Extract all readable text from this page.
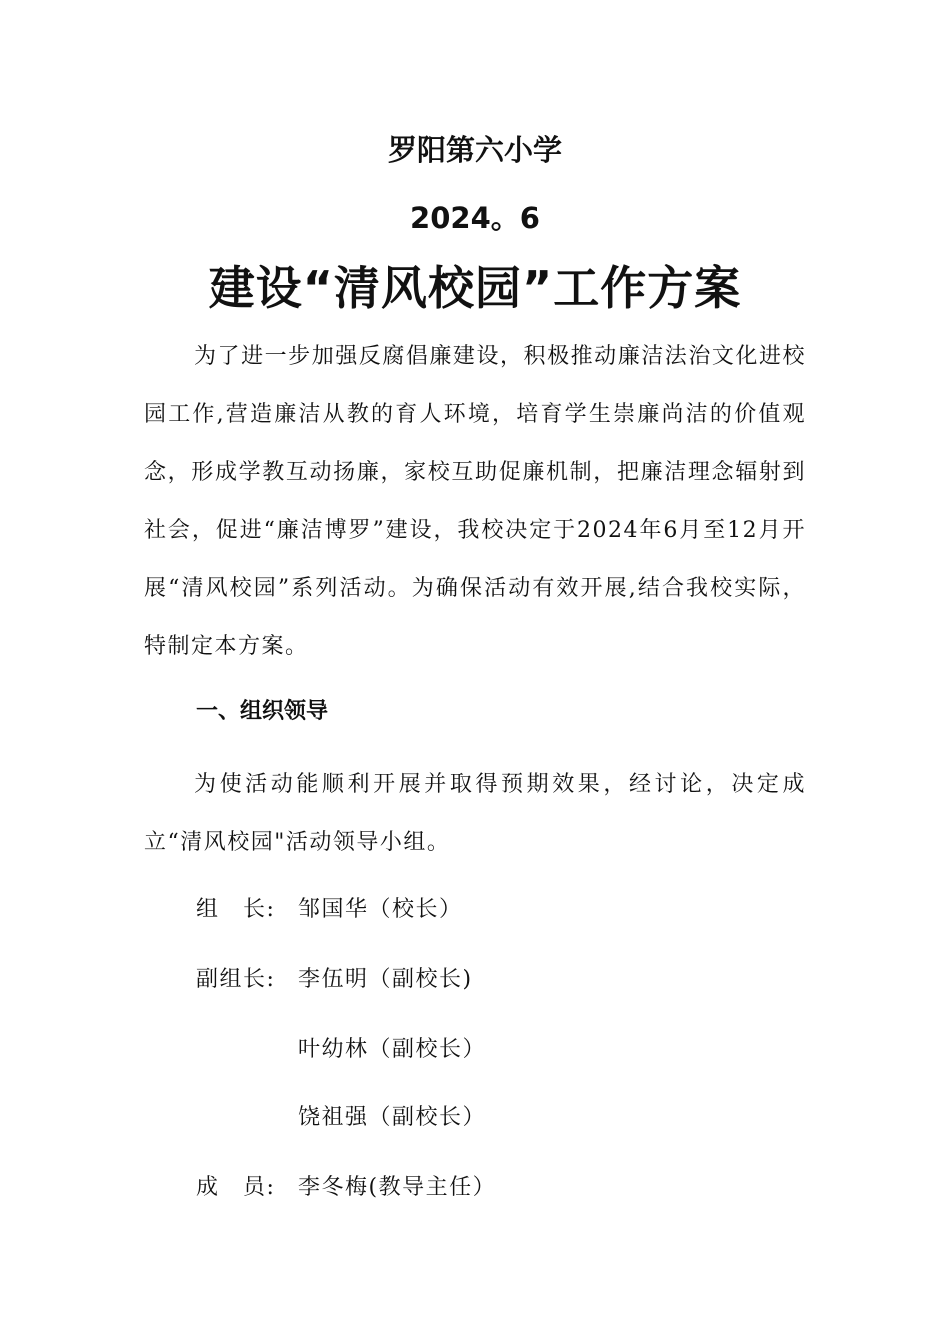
罗阳第六小学
2024。6
建设“清风校园”工作方案
为了进一步加强反腐倡廉建设，积极推动廉洁法治文化进校园工作,营造廉洁从教的育人环境，培育学生崇廉尚洁的价值观念，形成学教互动扬廉，家校互助促廉机制，把廉洁理念辐射到社会，促进“廉洁博罗”建设，我校决定于2024年6月至12月开展“清风校园”系列活动。为确保活动有效开展,结合我校实际，特制定本方案。
一、组织领导
为使活动能顺利开展并取得预期效果，经讨论，决定成立“清风校园"活动领导小组。
组　长: 邹国华（校长）
副组长: 李伍明（副校长)
叶幼林（副校长）
饶祖强（副校长）
成　员: 李冬梅(教导主任）
